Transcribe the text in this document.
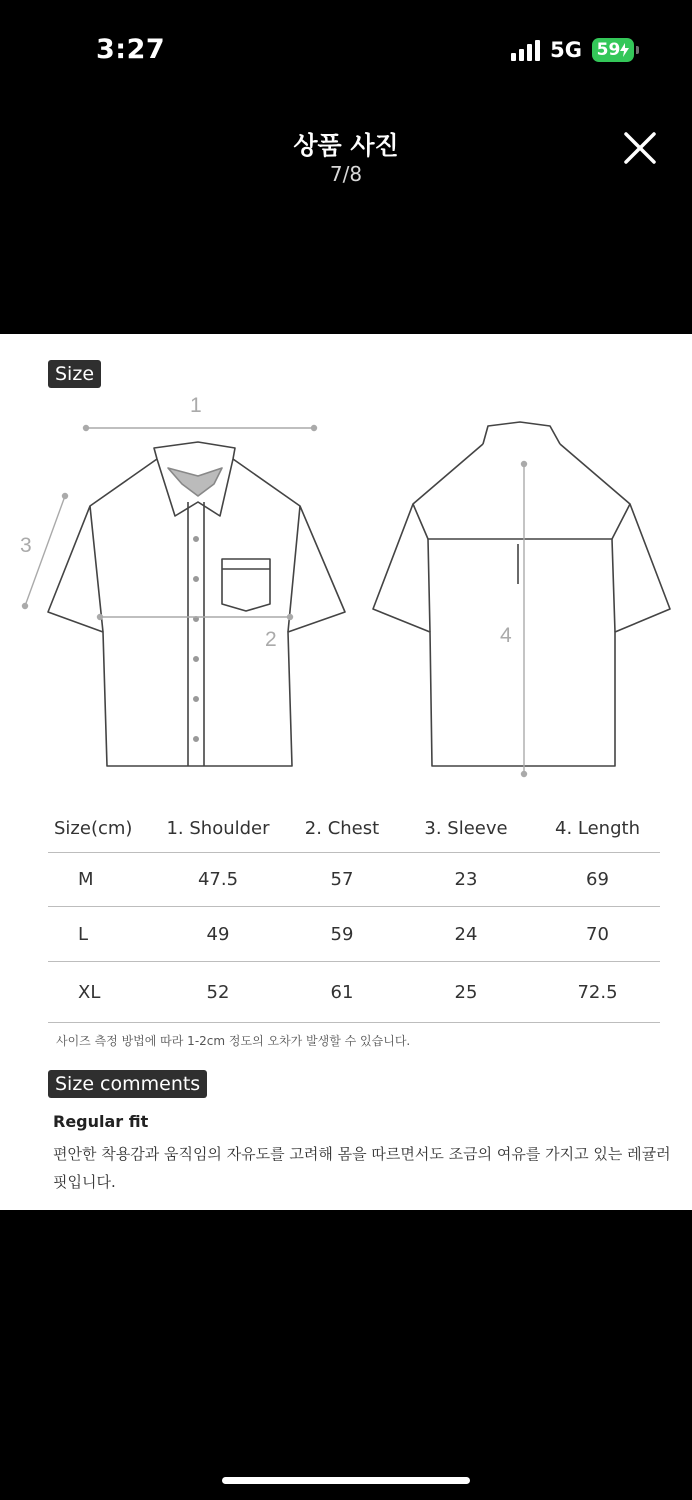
3:27	5G 59
상품 사진
7/8
Size
1
2
3
4
Size(cm)	1. Shoulder	2. Chest	3. Sleeve	4. Length
M	47.5	57	23	69
L	49	59	24	70
XL	52	61	25	72.5
사이즈 측정 방법에 따라 1-2cm 정도의 오차가 발생할 수 있습니다.
Size comments
Regular fit
편안한 착용감과 움직임의 자유도를 고려해 몸을 따르면서도 조금의 여유를 가지고 있는 레귤러 핏입니다.
